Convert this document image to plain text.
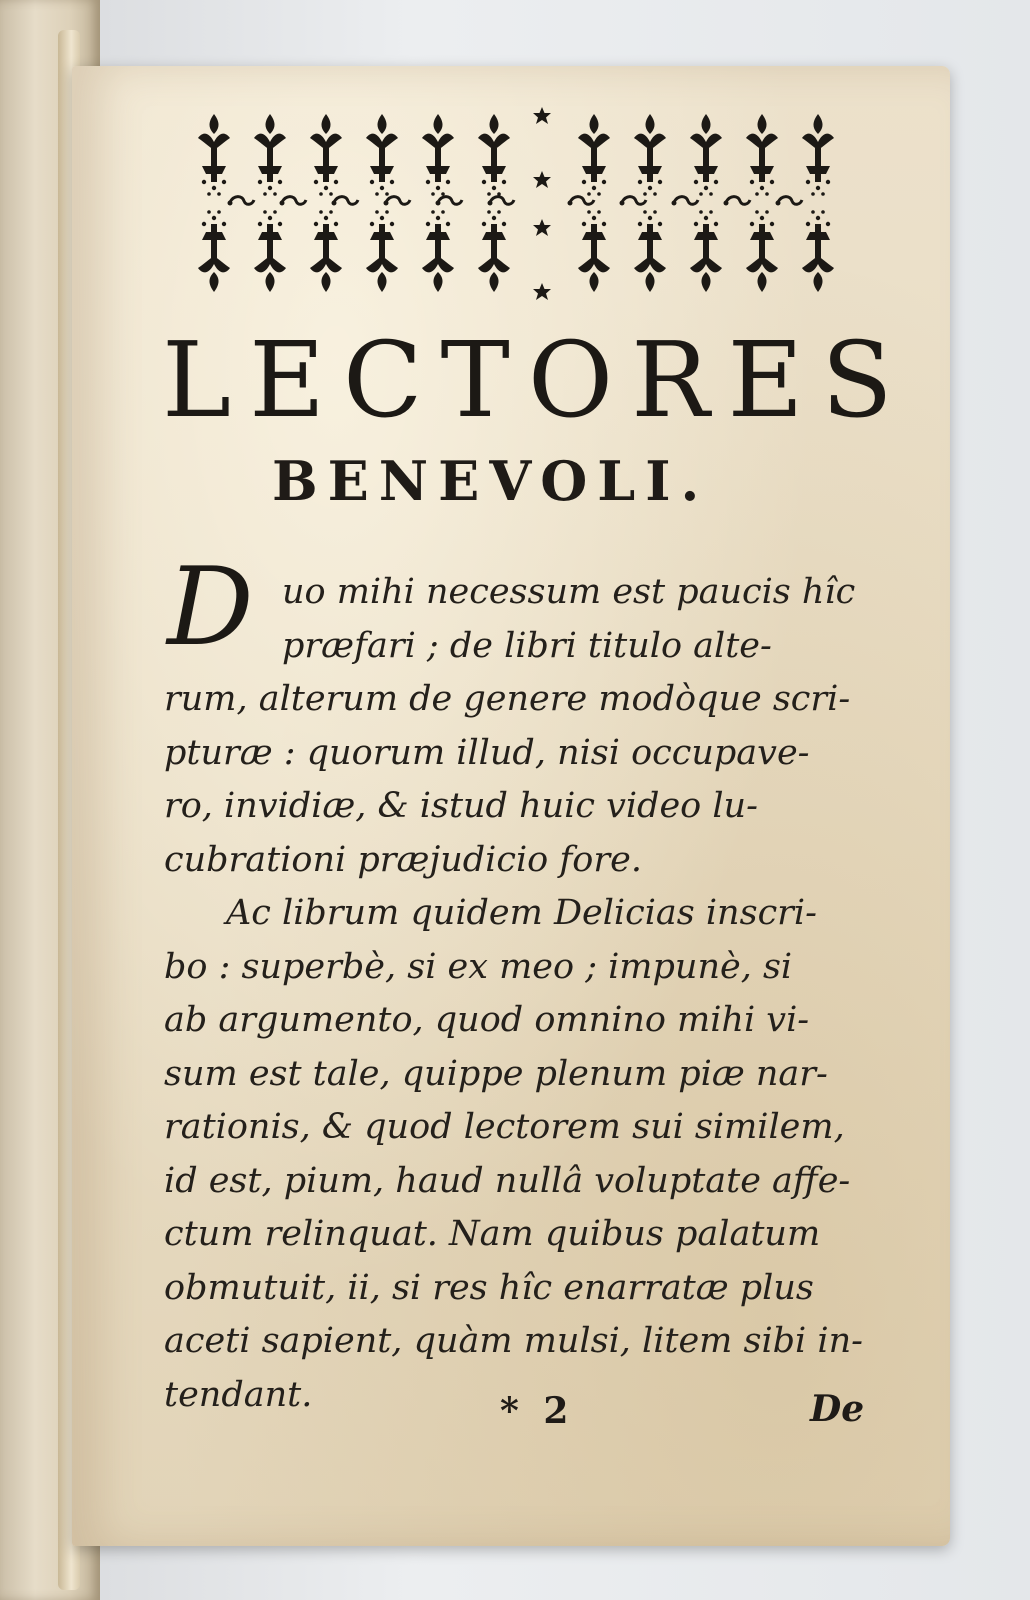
LECTORES
BENEVOLI.
D uo mihi necessum est paucis hîc
præfari ; de libri titulo alte-
rum, alterum de genere modòque scri-
pturæ : quorum illud, nisi occupave-
ro, invidiæ, & istud huic video lu-
cubrationi præjudicio fore.
Ac librum quidem Delicias inscri-
bo : superbè, si ex meo ; impunè, si
ab argumento, quod omnino mihi vi-
sum est tale, quippe plenum piæ nar-
rationis, & quod lectorem sui similem,
id est, pium, haud nullâ voluptate affe-
ctum relinquat. Nam quibus palatum
obmutuit, ii, si res hîc enarratæ plus
aceti sapient, quàm mulsi, litem sibi in-
tendant.	* 2	De
